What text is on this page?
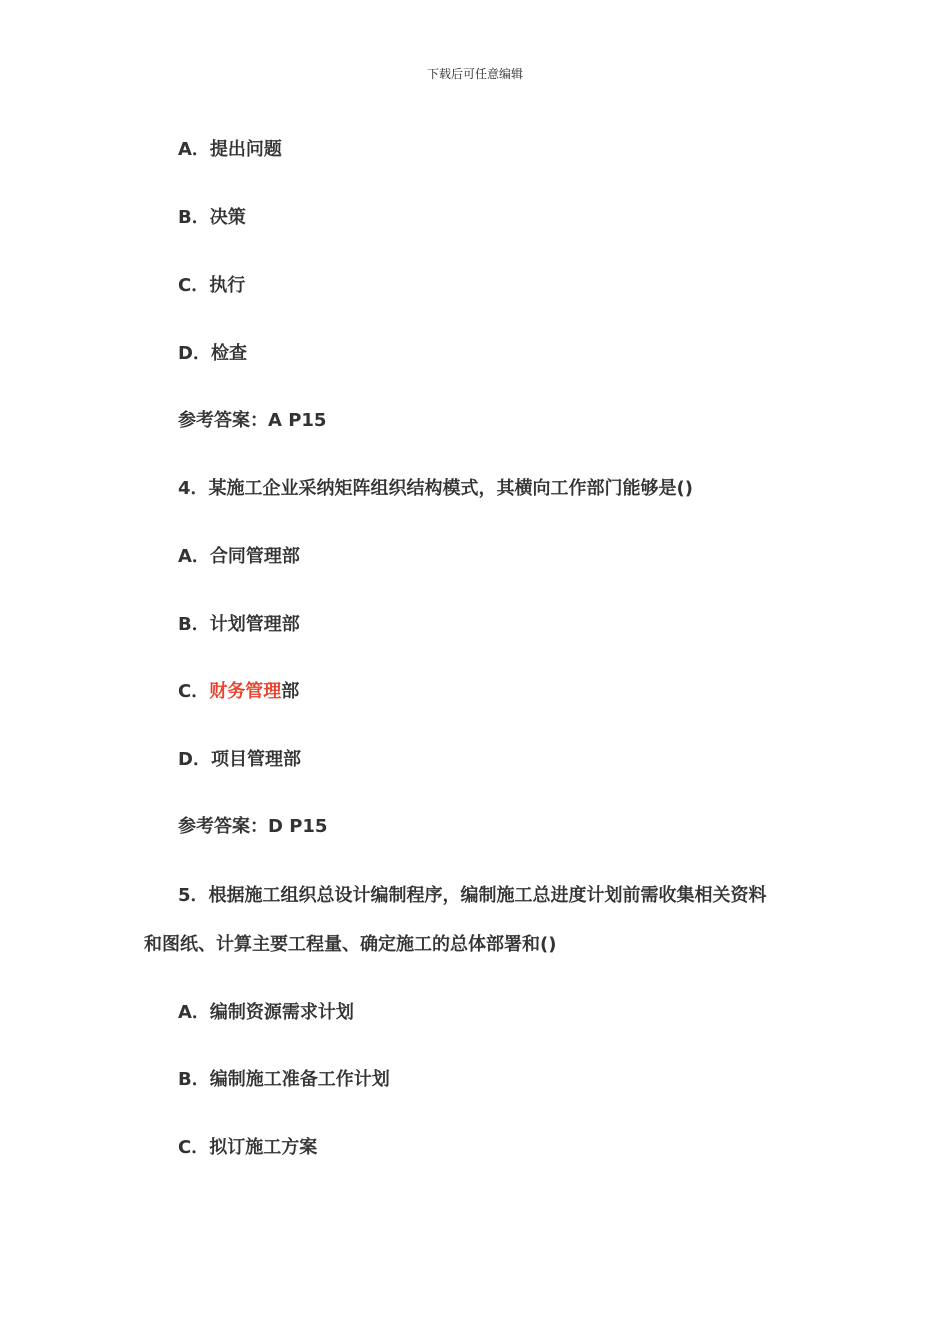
下载后可任意编辑
A．提出问题
B．决策
C．执行
D．检查
参考答案：A P15
4．某施工企业采纳矩阵组织结构模式，其横向工作部门能够是()
A．合同管理部
B．计划管理部
C．财务管理部
D．项目管理部
参考答案：D P15
5．根据施工组织总设计编制程序，编制施工总进度计划前需收集相关资料
和图纸、计算主要工程量、确定施工的总体部署和()
A．编制资源需求计划
B．编制施工准备工作计划
C．拟订施工方案
